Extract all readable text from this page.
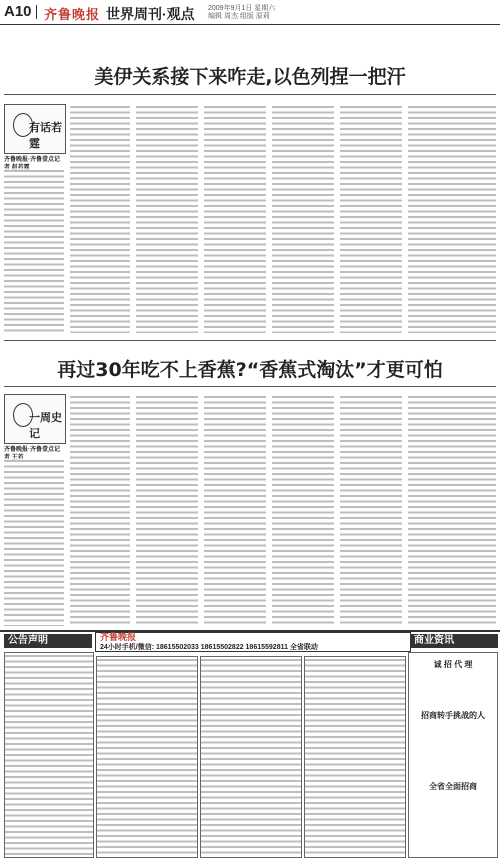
A10 齐鲁晚报 世界周刊·观点 2009年9月1日 星期六
编辑 周杰 组版 原莉
美伊关系接下来咋走,以色列捏一把汗
有话若霆
齐鲁晚报·齐鲁壹点记
再过30年吃不上香蕉?“香蕉式淘汰”才更可怕
一周史记
齐鲁晚报·齐鲁壹点记
公告声明	商业资讯
诚 招 代 理
招商转手挑战的人
全省全面招商
齐鲁晚报
24小时手机/微信: 18615502033 18615502822 18615592811 全省联动
